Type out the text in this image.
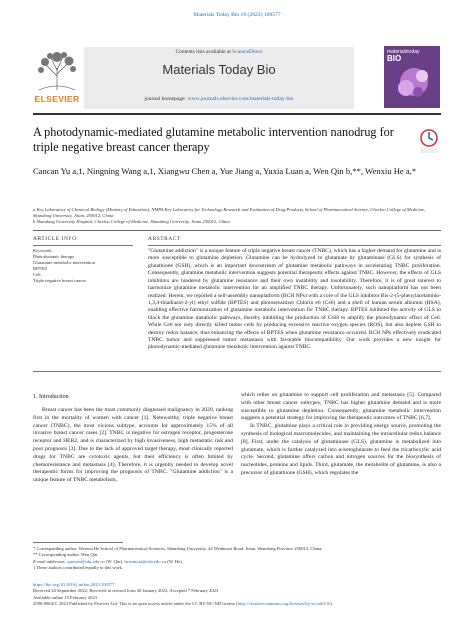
Materials Today Bio 19 (2023) 100577
ELSEVIER
Contents lists available at ScienceDirect
Materials Today Bio
journal homepage: www.journals.elsevier.com/materials-today-bio
materialstoday
BIO
A photodynamic-mediated glutamine metabolic intervention nanodrug for triple negative breast cancer therapy
Cancan Yu a,1, Ningning Wang a,1, Xiangwu Chen a, Yue Jiang a, Yuxia Luan a, Wen Qin b,**, Wenxiu He a,*
a Key Laboratory of Chemical Biology (Ministry of Education), NMPA Key Laboratory for Technology Research and Evaluation of Drug Products, School of Pharmaceutical Science, Cheeloo College of Medicine, Shandong University, Jinan, 250012, China
b Shandong University Hospital, Cheeloo College of Medicine, Shandong University, Jinan 250012, China
ARTICLE INFO	ABSTRACT
Keywords:
Photodynamic therapy
Glutamine metabolic intervention
BPTES
Ce6
Triple negative breast cancer
"Glutamine addiction" is a unique feature of triple negative breast cancer (TNBC), which has a higher demand for glutamine and is more susceptible to glutamine depletion. Glutamine can be hydrolyzed to glutamate by glutaminase (GLS) for synthesis of glutathione (GSH), which is an important downstream of glutamine metabolic pathways in accelerating TNBC proliferation. Consequently, glutamine metabolic intervention suggests potential therapeutic effects against TNBC. However, the effects of GLS inhibitors are hindered by glutamine resistance and their own instability and insolubility. Therefore, it is of great interest to harmonize glutamine metabolic intervention for an amplified TNBC therapy. Unfortunately, such nanoplatform has not been realized. Herein, we reported a self-assembly nanoplatform (BCH NPs) with a core of the GLS inhibitor Bis-2-(5-phenylacetamido-1,3,4-thiadiazol-2-yl) ethyl sulfide (BPTES) and photosensitizer Chlorin e6 (Ce6) and a shell of human serum albumin (HSA), enabling effective harmonization of glutamine metabolic intervention for TNBC therapy. BPTES inhibited the activity of GLS to block the glutamine metabolic pathways, thereby inhibiting the production of GSH to amplify the photodynamic effect of Ce6. While Ce6 not only directly killed tumor cells by producing excessive reactive oxygen species (ROS), but also deplete GSH to destroy redox balance, thus enhancing the effects of BPTES when glutamine resistance occurred. BCH NPs effectively eradicated TNBC tumor and suppressed tumor metastasis with favorable biocompatibility. Our work provides a new insight for photodynamic-mediated glutamine metabolic intervention against TNBC.
1. Introduction

Breast cancer has been the most commonly diagnosed malignancy in 2020, ranking first in the mortality of women with cancer [1]. Noteworthy, triple negative breast cancer (TNBC), the most vicious subtype, accounts for approximately 15% of all invasive breast cancer cases [2]. TNBC is negative for estrogen receptor, progesterone receptor and HER2, and is characterized by high invasiveness, high metastatic risk and poor prognosis [3]. Due to the lack of approved target therapy, most clinically reported drugs for TNBC are cytotoxic agents, but their efficiency is often limited by chemoresistance and metastasis [4]. Therefore, it is urgently needed to develop novel therapeutic forms for improving the prognosis of TNBC. "Glutamine addiction" is a unique feature of TNBC metabolism,

which relies on glutamine to support cell proliferation and metastasis [5]. Compared with other breast cancer subtypes, TNBC has higher glutamine demand and is more susceptible to glutamine depletion. Consequently, glutamine metabolic intervention suggests a potential strategy for improving the therapeutic outcomes of TNBC [6,7].

In TNBC, glutamine plays a critical role in providing energy source, promoting the synthesis of biological macromolecules, and maintaining the intracellular redox balance [8]. First, under the catalysis of glutaminase (GLS), glutamine is metabolized into glutamate, which is further catalyzed into α-ketoglutarate to feed the tricarboxylic acid cycle. Second, glutamine offers carbon and nitrogen sources for the biosynthesis of nucleotides, proteins and lipids. Third, glutamate, the metabolite of glutamine, is also a precursor of glutathione (GSH), which regulates the

* Corresponding author. Wenxiu He School of Pharmaceutical Sciences, Shandong University, 44 Wenhuaxi Road, Jinan, Shandong Province 250012, China.
** Corresponding author. Wen Qin
E-mail addresses: qinwen@sdu.edu.cn (W. Qin), hewenxiu@sdu.edu.cn (W. He).
1 These authors contributed equally to this work.
https://doi.org/10.1016/j.mtbio.2023.100577
Received 24 September 2022; Received in revised form 30 January 2023; Accepted 7 February 2023
Available online 15 February 2023
2590-0064/© 2023 Published by Elsevier Ltd. This is an open access article under the CC BY-NC-ND license (http://creativecommons.org/licenses/by-nc-nd/4.0/).
